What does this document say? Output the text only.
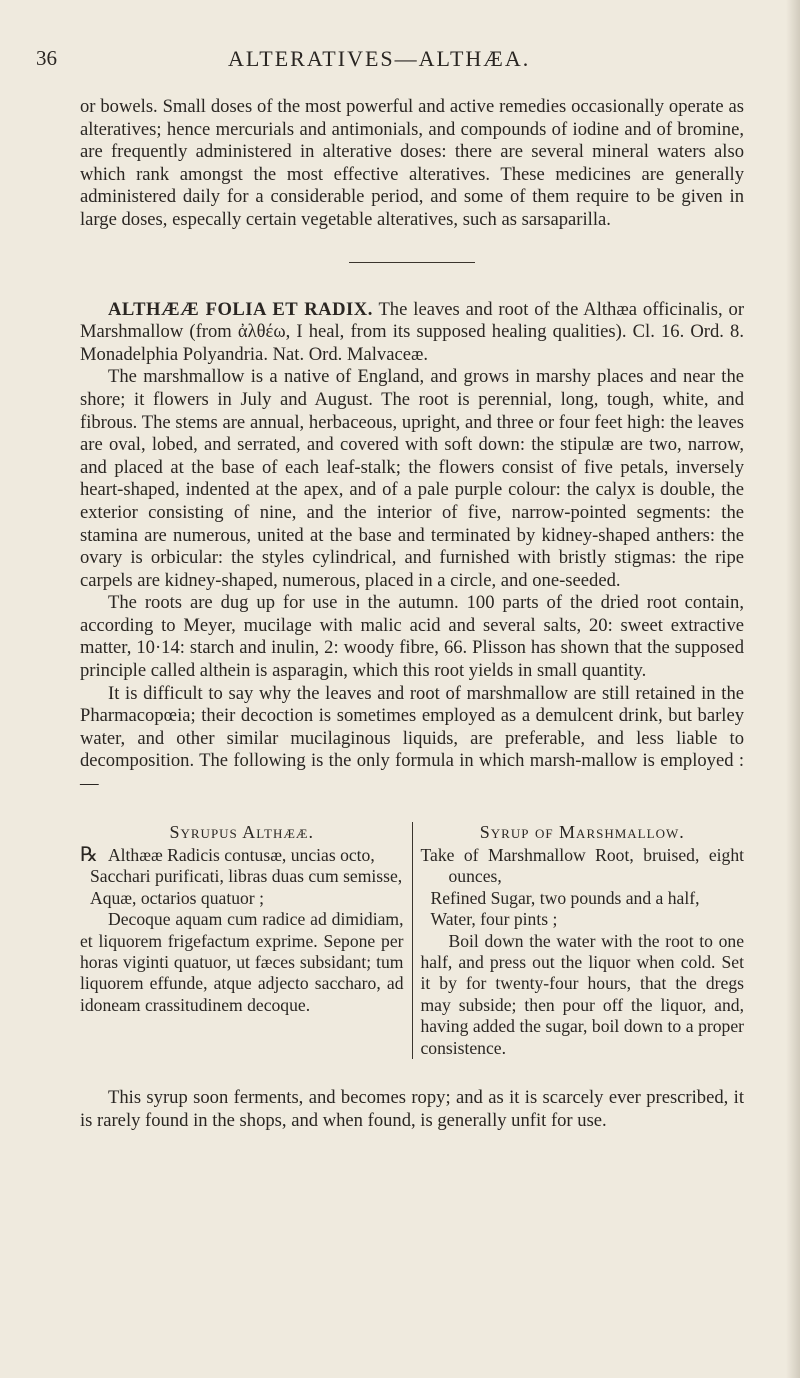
36	ALTERATIVES—ALTHÆA.

or bowels. Small doses of the most powerful and active remedies occasionally operate as alteratives; hence mercurials and antimonials, and compounds of iodine and of bromine, are frequently administered in alterative doses: there are several mineral waters also which rank amongst the most effective alteratives. These medicines are generally administered daily for a considerable period, and some of them require to be given in large doses, especally certain vegetable alteratives, such as sarsaparilla.

ALTHÆÆ FOLIA ET RADIX. The leaves and root of the Althæa officinalis, or Marshmallow (from ἀλθέω, I heal, from its supposed healing qualities). Cl. 16. Ord. 8. Monadelphia Polyandria. Nat. Ord. Malvaceæ.

The marshmallow is a native of England, and grows in marshy places and near the shore; it flowers in July and August. The root is perennial, long, tough, white, and fibrous. The stems are annual, herbaceous, upright, and three or four feet high: the leaves are oval, lobed, and serrated, and covered with soft down: the stipulæ are two, narrow, and placed at the base of each leaf-stalk; the flowers consist of five petals, inversely heart-shaped, indented at the apex, and of a pale purple colour: the calyx is double, the exterior consisting of nine, and the interior of five, narrow-pointed segments: the stamina are numerous, united at the base and terminated by kidney-shaped anthers: the ovary is orbicular: the styles cylindrical, and furnished with bristly stigmas: the ripe carpels are kidney-shaped, numerous, placed in a circle, and one-seeded.

The roots are dug up for use in the autumn. 100 parts of the dried root contain, according to Meyer, mucilage with malic acid and several salts, 20: sweet extractive matter, 10·14: starch and inulin, 2: woody fibre, 66. Plisson has shown that the supposed principle called althein is asparagin, which this root yields in small quantity.

It is difficult to say why the leaves and root of marshmallow are still retained in the Pharmacopœia; their decoction is sometimes employed as a demulcent drink, but barley water, and other similar mucilaginous liquids, are preferable, and less liable to decomposition. The following is the only formula in which marsh-mallow is employed :—

Syrupus Althææ.

℞ Althææ Radicis contusæ, uncias octo,

Sacchari purificati, libras duas cum semisse,

Aquæ, octarios quatuor ;

Decoque aquam cum radice ad dimidiam, et liquorem frigefactum exprime. Sepone per horas viginti quatuor, ut fæces subsidant; tum liquorem effunde, atque adjecto saccharo, ad idoneam crassitudinem decoque.

Syrup of Marshmallow.

Take of Marshmallow Root, bruised, eight ounces,

Refined Sugar, two pounds and a half,

Water, four pints ;

Boil down the water with the root to one half, and press out the liquor when cold. Set it by for twenty-four hours, that the dregs may subside; then pour off the liquor, and, having added the sugar, boil down to a proper consistence.

This syrup soon ferments, and becomes ropy; and as it is scarcely ever prescribed, it is rarely found in the shops, and when found, is generally unfit for use.
